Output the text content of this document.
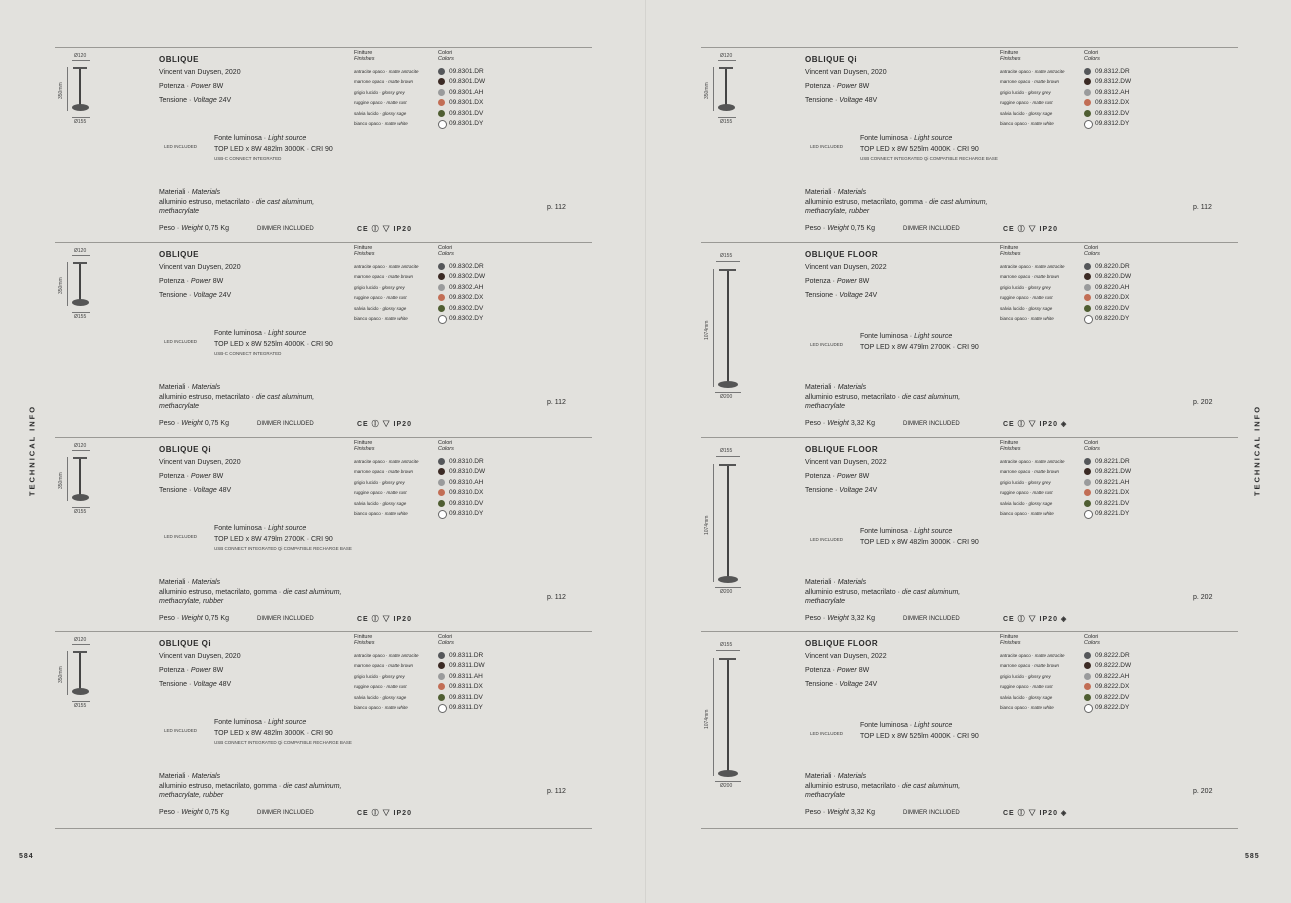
TECHNICAL INFO	TECHNICAL INFO
584	585
Ø120
350mm
Ø155
OBLIQUE
Vincent van Duysen, 2020
Potenza · Power 8W
Tensione · Voltage 24V
LED INCLUDED
Fonte luminosa · Light source
TOP LED x 8W 482lm 3000K · CRI 90
USB-C CONNECT INTEGRATED
Materiali · Materials
alluminio estruso, metacrilato · die cast aluminum, methacrylate
Peso · Weight 0,75 Kg	DIMMER INCLUDED	CE Ⓘ ▽ IP20
p. 112
Finiture
Finishes
Colori
Colors
antracite opaco · matte antracite	09.8301.DR
marrone opaco · matte brown	09.8301.DW
grigio lucido · glossy grey	09.8301.AH
ruggine opaco · matte rust	09.8301.DX
salvia lucido · glossy sage	09.8301.DV
bianco opaco · matte white	09.8301.DY
Ø120
350mm
Ø155
OBLIQUE
Vincent van Duysen, 2020
Potenza · Power 8W
Tensione · Voltage 24V
LED INCLUDED
Fonte luminosa · Light source
TOP LED x 8W 525lm 4000K · CRI 90
USB-C CONNECT INTEGRATED
Materiali · Materials
alluminio estruso, metacrilato · die cast aluminum, methacrylate
Peso · Weight 0,75 Kg	DIMMER INCLUDED	CE Ⓘ ▽ IP20
p. 112
Finiture
Finishes
Colori
Colors
antracite opaco · matte antracite	09.8302.DR
marrone opaco · matte brown	09.8302.DW
grigio lucido · glossy grey	09.8302.AH
ruggine opaco · matte rust	09.8302.DX
salvia lucido · glossy sage	09.8302.DV
bianco opaco · matte white	09.8302.DY
Ø120
350mm
Ø155
OBLIQUE Qi
Vincent van Duysen, 2020
Potenza · Power 8W
Tensione · Voltage 48V
LED INCLUDED
Fonte luminosa · Light source
TOP LED x 8W 479lm 2700K · CRI 90
USB CONNECT INTEGRATED Qi COMPATIBLE RECHARGE BASE
Materiali · Materials
alluminio estruso, metacrilato, gomma · die cast aluminum, methacrylate, rubber
Peso · Weight 0,75 Kg	DIMMER INCLUDED	CE Ⓘ ▽ IP20
p. 112
Finiture
Finishes
Colori
Colors
antracite opaco · matte antracite	09.8310.DR
marrone opaco · matte brown	09.8310.DW
grigio lucido · glossy grey	09.8310.AH
ruggine opaco · matte rust	09.8310.DX
salvia lucido · glossy sage	09.8310.DV
bianco opaco · matte white	09.8310.DY
Ø120
350mm
Ø155
OBLIQUE Qi
Vincent van Duysen, 2020
Potenza · Power 8W
Tensione · Voltage 48V
LED INCLUDED
Fonte luminosa · Light source
TOP LED x 8W 482lm 3000K · CRI 90
USB CONNECT INTEGRATED Qi COMPATIBLE RECHARGE BASE
Materiali · Materials
alluminio estruso, metacrilato, gomma · die cast aluminum, methacrylate, rubber
Peso · Weight 0,75 Kg	DIMMER INCLUDED	CE Ⓘ ▽ IP20
p. 112
Finiture
Finishes
Colori
Colors
antracite opaco · matte antracite	09.8311.DR
marrone opaco · matte brown	09.8311.DW
grigio lucido · glossy grey	09.8311.AH
ruggine opaco · matte rust	09.8311.DX
salvia lucido · glossy sage	09.8311.DV
bianco opaco · matte white	09.8311.DY
Ø120
350mm
Ø155
OBLIQUE Qi
Vincent van Duysen, 2020
Potenza · Power 8W
Tensione · Voltage 48V
LED INCLUDED
Fonte luminosa · Light source
TOP LED x 8W 525lm 4000K · CRI 90
USB CONNECT INTEGRATED Qi COMPATIBLE RECHARGE BASE
Materiali · Materials
alluminio estruso, metacrilato, gomma · die cast aluminum, methacrylate, rubber
Peso · Weight 0,75 Kg	DIMMER INCLUDED	CE Ⓘ ▽ IP20
p. 112
Finiture
Finishes
Colori
Colors
antracite opaco · matte antracite	09.8312.DR
marrone opaco · matte brown	09.8312.DW
grigio lucido · glossy grey	09.8312.AH
ruggine opaco · matte rust	09.8312.DX
salvia lucido · glossy sage	09.8312.DV
bianco opaco · matte white	09.8312.DY
Ø155
1074mm
Ø200
OBLIQUE FLOOR
Vincent van Duysen, 2022
Potenza · Power 8W
Tensione · Voltage 24V
LED INCLUDED
Fonte luminosa · Light source
TOP LED x 8W 479lm 2700K · CRI 90
Materiali · Materials
alluminio estruso, metacrilato · die cast aluminum, methacrylate
Peso · Weight 3,32 Kg	DIMMER INCLUDED	CE Ⓘ ▽ IP20 ◈
p. 202
Finiture
Finishes
Colori
Colors
antracite opaco · matte antracite	09.8220.DR
marrone opaco · matte brown	09.8220.DW
grigio lucido · glossy grey	09.8220.AH
ruggine opaco · matte rust	09.8220.DX
salvia lucido · glossy sage	09.8220.DV
bianco opaco · matte white	09.8220.DY
Ø155
1074mm
Ø200
OBLIQUE FLOOR
Vincent van Duysen, 2022
Potenza · Power 8W
Tensione · Voltage 24V
LED INCLUDED
Fonte luminosa · Light source
TOP LED x 8W 482lm 3000K · CRI 90
Materiali · Materials
alluminio estruso, metacrilato · die cast aluminum, methacrylate
Peso · Weight 3,32 Kg	DIMMER INCLUDED	CE Ⓘ ▽ IP20 ◈
p. 202
Finiture
Finishes
Colori
Colors
antracite opaco · matte antracite	09.8221.DR
marrone opaco · matte brown	09.8221.DW
grigio lucido · glossy grey	09.8221.AH
ruggine opaco · matte rust	09.8221.DX
salvia lucido · glossy sage	09.8221.DV
bianco opaco · matte white	09.8221.DY
Ø155
1074mm
Ø200
OBLIQUE FLOOR
Vincent van Duysen, 2022
Potenza · Power 8W
Tensione · Voltage 24V
LED INCLUDED
Fonte luminosa · Light source
TOP LED x 8W 525lm 4000K · CRI 90
Materiali · Materials
alluminio estruso, metacrilato · die cast aluminum, methacrylate
Peso · Weight 3,32 Kg	DIMMER INCLUDED	CE Ⓘ ▽ IP20 ◈
p. 202
Finiture
Finishes
Colori
Colors
antracite opaco · matte antracite	09.8222.DR
marrone opaco · matte brown	09.8222.DW
grigio lucido · glossy grey	09.8222.AH
ruggine opaco · matte rust	09.8222.DX
salvia lucido · glossy sage	09.8222.DV
bianco opaco · matte white	09.8222.DY
